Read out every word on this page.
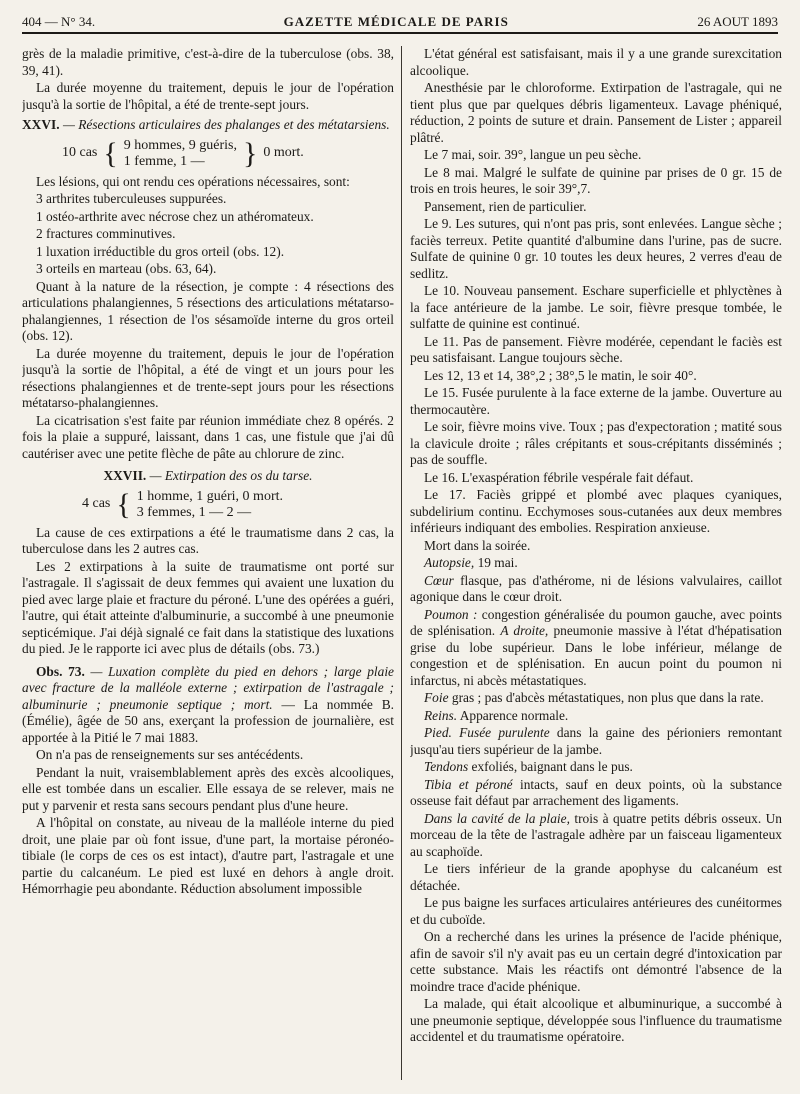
404 — N° 34.	GAZETTE MÉDICALE DE PARIS	26 AOUT 1893

grès de la maladie primitive, c'est-à-dire de la tuberculose (obs. 38, 39, 41).

La durée moyenne du traitement, depuis le jour de l'opération jusqu'à la sortie de l'hôpital, a été de trente-sept jours.

XXVI. — Résections articulaires des phalanges et des métatarsiens.

10 cas { 9 hommes, 9 guéris,
1 femme, 1 —	} 0 mort.

Les lésions, qui ont rendu ces opérations nécessaires, sont:

3 arthrites tuberculeuses suppurées.

1 ostéo-arthrite avec nécrose chez un athéromateux.

2 fractures comminutives.

1 luxation irréductible du gros orteil (obs. 12).

3 orteils en marteau (obs. 63, 64).

Quant à la nature de la résection, je compte : 4 résections des articulations phalangiennes, 5 résections des articulations métatarso-phalangiennes, 1 résection de l'os sésamoïde interne du gros orteil (obs. 12).

La durée moyenne du traitement, depuis le jour de l'opération jusqu'à la sortie de l'hôpital, a été de vingt et un jours pour les résections phalangiennes et de trente-sept jours pour les résections métatarso-phalangiennes.

La cicatrisation s'est faite par réunion immédiate chez 8 opérés. 2 fois la plaie a suppuré, laissant, dans 1 cas, une fistule que j'ai dû cautériser avec une petite flèche de pâte au chlorure de zinc.

XXVII. — Extirpation des os du tarse.

4 cas { 1 homme, 1 guéri, 0 mort.
3 femmes, 1 — 2 —

La cause de ces extirpations a été le traumatisme dans 2 cas, la tuberculose dans les 2 autres cas.

Les 2 extirpations à la suite de traumatisme ont porté sur l'astragale. Il s'agissait de deux femmes qui avaient une luxation du pied avec large plaie et fracture du péroné. L'une des opérées a guéri, l'autre, qui était atteinte d'albuminurie, a succombé à une pneumonie septicémique. J'ai déjà signalé ce fait dans la statistique des luxations du pied. Je le rapporte ici avec plus de détails (obs. 73.)

Obs. 73. — Luxation complète du pied en dehors ; large plaie avec fracture de la malléole externe ; extirpation de l'astragale ; albuminurie ; pneumonie septique ; mort. — La nommée B. (Émélie), âgée de 50 ans, exerçant la profession de journalière, est apportée à la Pitié le 7 mai 1883.

On n'a pas de renseignements sur ses antécédents.

Pendant la nuit, vraisemblablement après des excès alcooliques, elle est tombée dans un escalier. Elle essaya de se relever, mais ne put y parvenir et resta sans secours pendant plus d'une heure.

A l'hôpital on constate, au niveau de la malléole interne du pied droit, une plaie par où font issue, d'une part, la mortaise péronéo-tibiale (le corps de ces os est intact), d'autre part, l'astragale et une partie du calcanéum. Le pied est luxé en dehors à angle droit. Hémorrhagie peu abondante. Réduction absolument impossible

L'état général est satisfaisant, mais il y a une grande surexcitation alcoolique.

Anesthésie par le chloroforme. Extirpation de l'astragale, qui ne tient plus que par quelques débris ligamenteux. Lavage phéniqué, réduction, 2 points de suture et drain. Pansement de Lister ; appareil plâtré.

Le 7 mai, soir. 39°, langue un peu sèche.

Le 8 mai. Malgré le sulfate de quinine par prises de 0 gr. 15 de trois en trois heures, le soir 39°,7.

Pansement, rien de particulier.

Le 9. Les sutures, qui n'ont pas pris, sont enlevées. Langue sèche ; faciès terreux. Petite quantité d'albumine dans l'urine, pas de sucre. Sulfate de quinine 0 gr. 10 toutes les deux heures, 2 verres d'eau de sedlitz.

Le 10. Nouveau pansement. Eschare superficielle et phlyctènes à la face antérieure de la jambe. Le soir, fièvre presque tombée, le sulfatte de quinine est continué.

Le 11. Pas de pansement. Fièvre modérée, cependant le faciès est peu satisfaisant. Langue toujours sèche.

Les 12, 13 et 14, 38°,2 ; 38°,5 le matin, le soir 40°.

Le 15. Fusée purulente à la face externe de la jambe. Ouverture au thermocautère.

Le soir, fièvre moins vive. Toux ; pas d'expectoration ; matité sous la clavicule droite ; râles crépitants et sous-crépitants disséminés ; pas de souffle.

Le 16. L'exaspération fébrile vespérale fait défaut.

Le 17. Faciès grippé et plombé avec plaques cyaniques, subdelirium continu. Ecchymoses sous-cutanées aux deux membres inférieurs indiquant des embolies. Respiration anxieuse.

Mort dans la soirée.

Autopsie, 19 mai.

Cœur flasque, pas d'athérome, ni de lésions valvulaires, caillot agonique dans le cœur droit.

Poumon : congestion généralisée du poumon gauche, avec points de splénisation. A droite, pneumonie massive à l'état d'hépatisation grise du lobe supérieur. Dans le lobe inférieur, mélange de congestion et de splénisation. En aucun point du poumon ni infarctus, ni abcès métastatiques.

Foie gras ; pas d'abcès métastatiques, non plus que dans la rate.

Reins. Apparence normale.

Pied. Fusée purulente dans la gaine des périoniers remontant jusqu'au tiers supérieur de la jambe.

Tendons exfoliés, baignant dans le pus.

Tibia et péroné intacts, sauf en deux points, où la substance osseuse fait défaut par arrachement des ligaments.

Dans la cavité de la plaie, trois à quatre petits débris osseux. Un morceau de la tête de l'astragale adhère par un faisceau ligamenteux au scaphoïde.

Le tiers inférieur de la grande apophyse du calcanéum est détachée.

Le pus baigne les surfaces articulaires antérieures des cunéitormes et du cuboïde.

On a recherché dans les urines la présence de l'acide phénique, afin de savoir s'il n'y avait pas eu un certain degré d'intoxication par cette substance. Mais les réactifs ont démontré l'absence de la moindre trace d'acide phénique.

La malade, qui était alcoolique et albuminurique, a succombé à une pneumonie septique, développée sous l'influence du traumatisme accidentel et du traumatisme opératoire.
